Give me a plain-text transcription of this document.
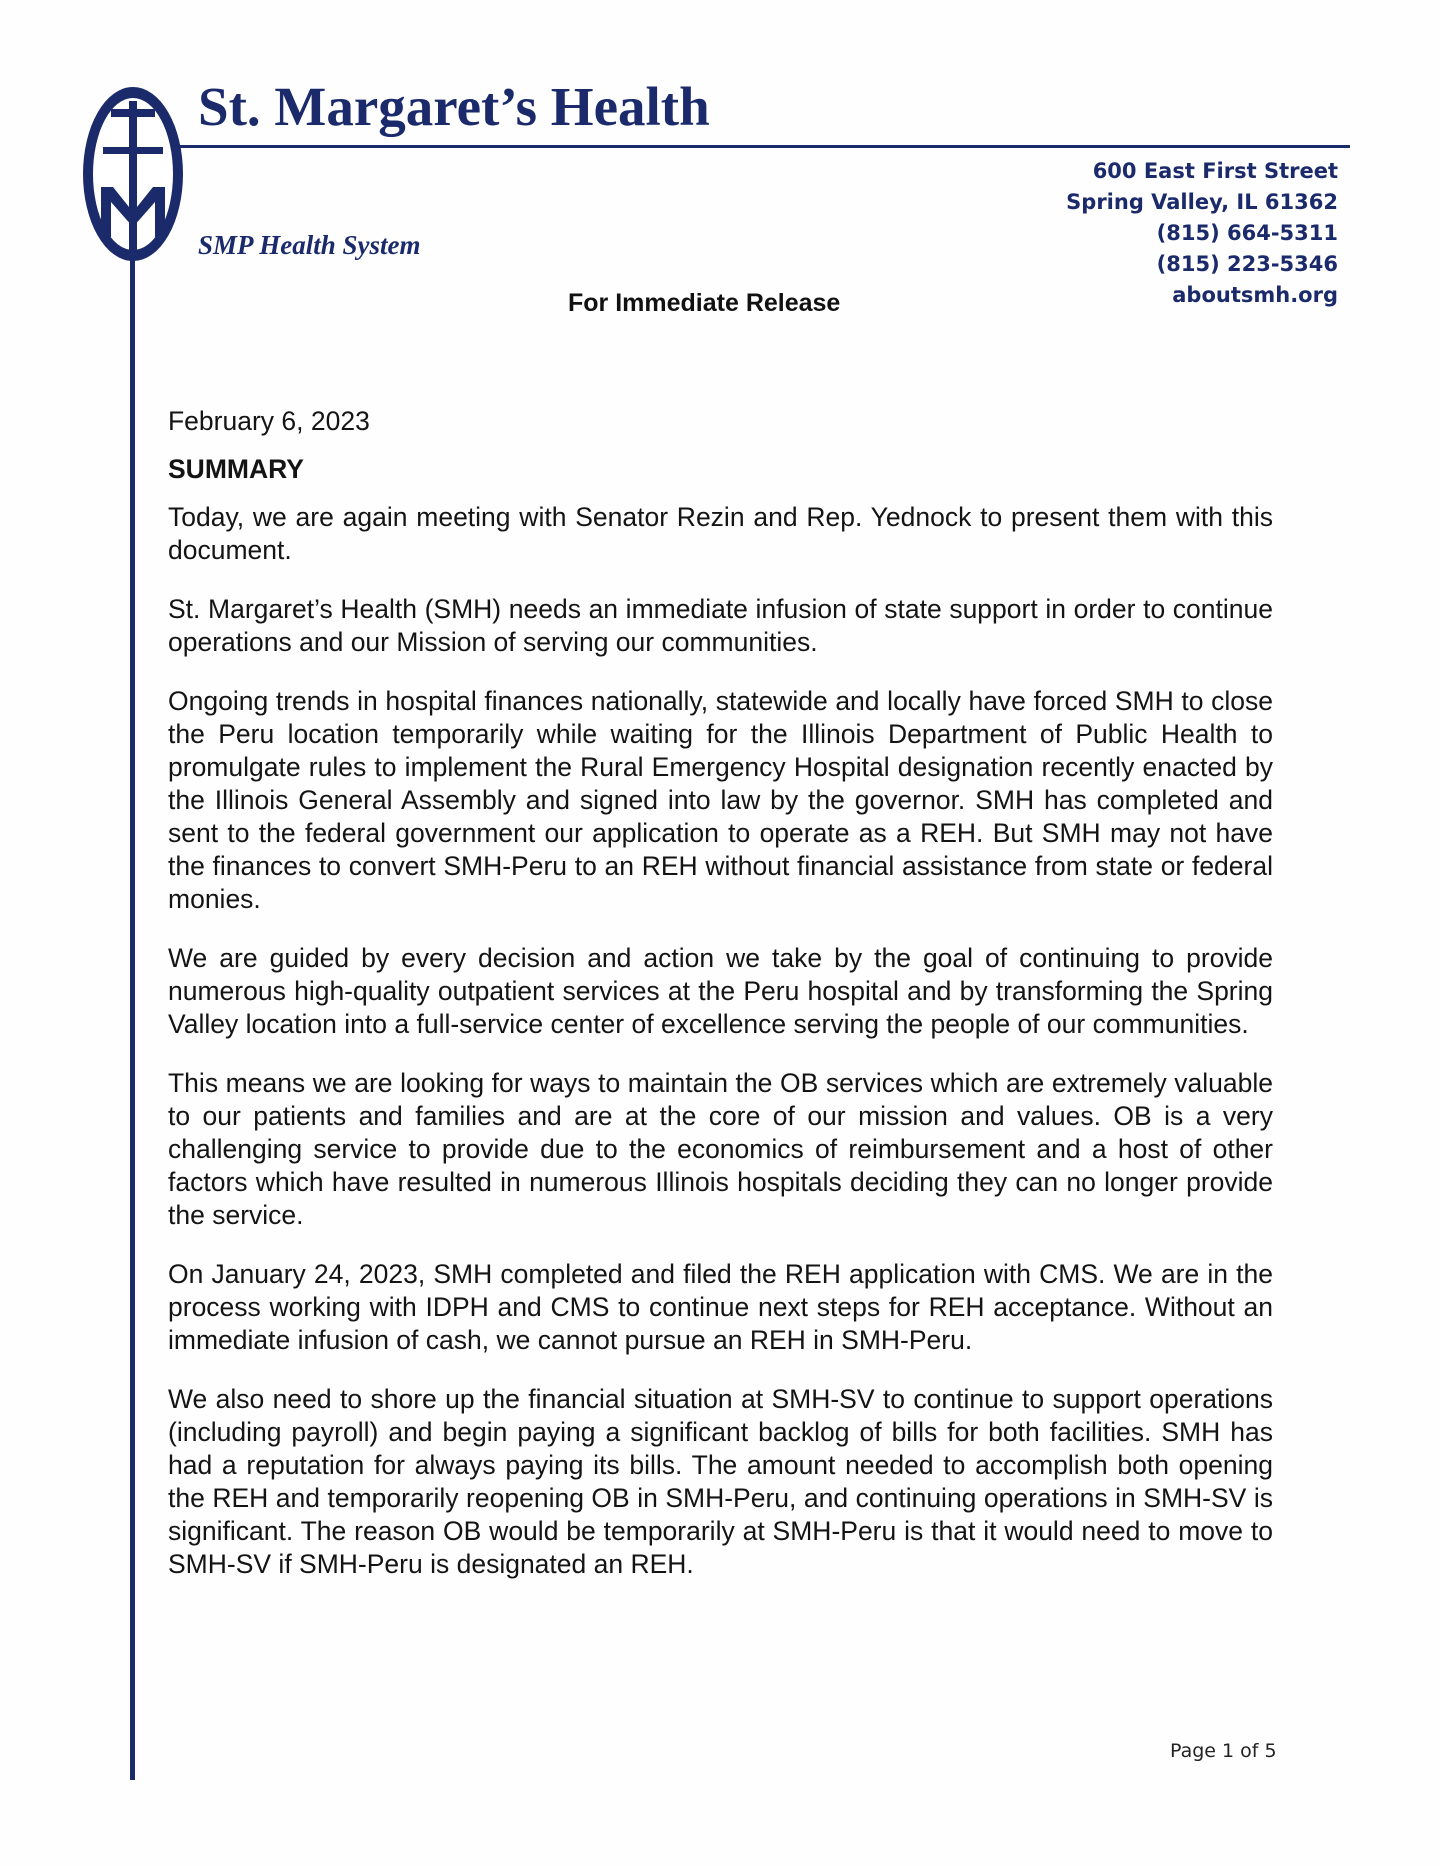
St. Margaret’s Health

SMP Health System

600 East First Street
Spring Valley, IL 61362
(815) 664-5311
(815) 223-5346
aboutsmh.org

For Immediate Release

February 6, 2023

SUMMARY

Today, we are again meeting with Senator Rezin and Rep. Yednock to present them with this document.

St. Margaret’s Health (SMH) needs an immediate infusion of state support in order to continue operations and our Mission of serving our communities.

Ongoing trends in hospital finances nationally, statewide and locally have forced SMH to close the Peru location temporarily while waiting for the Illinois Department of Public Health to promulgate rules to implement the Rural Emergency Hospital designation recently enacted by the Illinois General Assembly and signed into law by the governor. SMH has completed and sent to the federal government our application to operate as a REH. But SMH may not have the finances to convert SMH-Peru to an REH without financial assistance from state or federal monies.

We are guided by every decision and action we take by the goal of continuing to provide numerous high-quality outpatient services at the Peru hospital and by transforming the Spring Valley location into a full-service center of excellence serving the people of our communities.

This means we are looking for ways to maintain the OB services which are extremely valuable to our patients and families and are at the core of our mission and values. OB is a very challenging service to provide due to the economics of reimbursement and a host of other factors which have resulted in numerous Illinois hospitals deciding they can no longer provide the service.

On January 24, 2023, SMH completed and filed the REH application with CMS. We are in the process working with IDPH and CMS to continue next steps for REH acceptance. Without an immediate infusion of cash, we cannot pursue an REH in SMH-Peru.

We also need to shore up the financial situation at SMH-SV to continue to support operations (including payroll) and begin paying a significant backlog of bills for both facilities. SMH has had a reputation for always paying its bills. The amount needed to accomplish both opening the REH and temporarily reopening OB in SMH-Peru, and continuing operations in SMH-SV is significant. The reason OB would be temporarily at SMH-Peru is that it would need to move to SMH-SV if SMH-Peru is designated an REH.

Page 1 of 5
